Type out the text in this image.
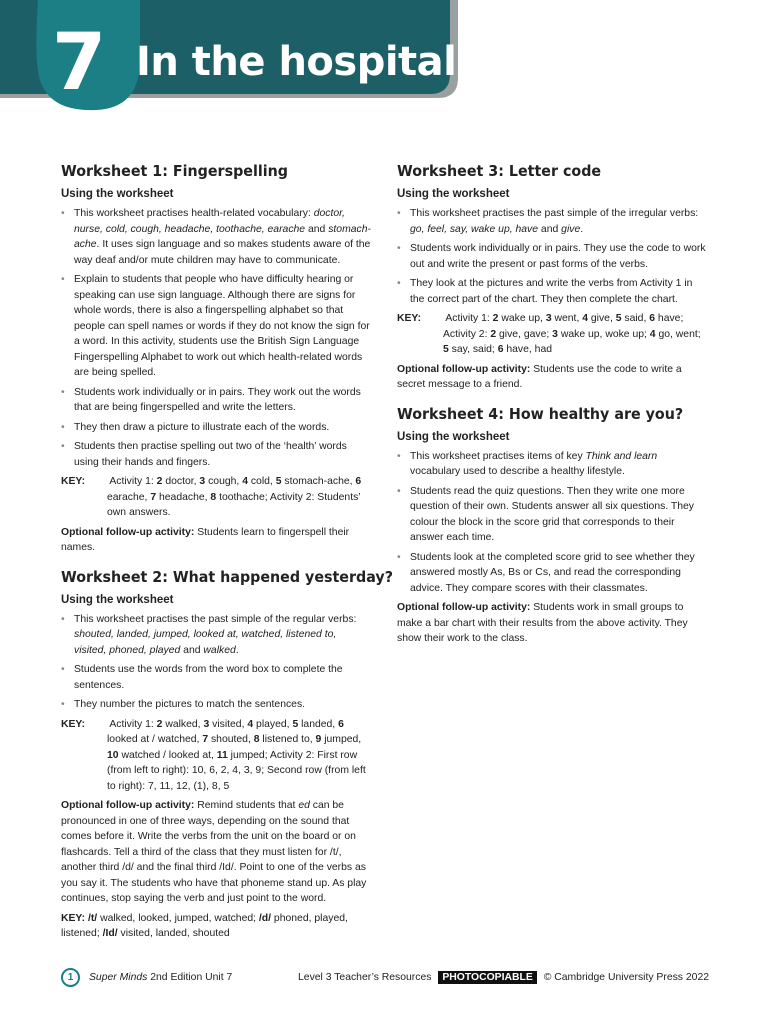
7 In the hospital
Worksheet 1: Fingerspelling
Using the worksheet
• This worksheet practises health-related vocabulary: doctor, nurse, cold, cough, headache, toothache, earache and stomach-ache. It uses sign language and so makes students aware of the way deaf and/or mute children may have to communicate.
• Explain to students that people who have difficulty hearing or speaking can use sign language. Although there are signs for whole words, there is also a fingerspelling alphabet so that people can spell names or words if they do not know the sign for a word. In this activity, students use the British Sign Language Fingerspelling Alphabet to work out which health-related words are being spelled.
• Students work individually or in pairs. They work out the words that are being fingerspelled and write the letters.
• They then draw a picture to illustrate each of the words.
• Students then practise spelling out two of the ‘health’ words using their hands and fingers.

KEY: Activity 1: 2 doctor, 3 cough, 4 cold, 5 stomach-ache, 6 earache, 7 headache, 8 toothache; Activity 2: Students’ own answers.

Optional follow-up activity: Students learn to fingerspell their names.

Worksheet 2: What happened yesterday?
Using the worksheet
• This worksheet practises the past simple of the regular verbs: shouted, landed, jumped, looked at, watched, listened to, visited, phoned, played and walked.
• Students use the words from the word box to complete the sentences.
• They number the pictures to match the sentences.

KEY: Activity 1: 2 walked, 3 visited, 4 played, 5 landed, 6 looked at / watched, 7 shouted, 8 listened to, 9 jumped, 10 watched / looked at, 11 jumped; Activity 2: First row (from left to right): 10, 6, 2, 4, 3, 9; Second row (from left to right): 7, 11, 12, (1), 8, 5

Optional follow-up activity: Remind students that ed can be pronounced in one of three ways, depending on the sound that comes before it. Write the verbs from the unit on the board or on flashcards. Tell a third of the class that they must listen for /t/, another third /d/ and the final third /Id/. Point to one of the verbs as you say it. The students who have that phoneme stand up. As play continues, stop saying the verb and just point to the word.

KEY: /t/ walked, looked, jumped, watched; /d/ phoned, played, listened; /Id/ visited, landed, shouted

Worksheet 3: Letter code
Using the worksheet
• This worksheet practises the past simple of the irregular verbs: go, feel, say, wake up, have and give.
• Students work individually or in pairs. They use the code to work out and write the present or past forms of the verbs.
• They look at the pictures and write the verbs from Activity 1 in the correct part of the chart. They then complete the chart.

KEY: Activity 1: 2 wake up, 3 went, 4 give, 5 said, 6 have; Activity 2: 2 give, gave; 3 wake up, woke up; 4 go, went; 5 say, said; 6 have, had

Optional follow-up activity: Students use the code to write a secret message to a friend.

Worksheet 4: How healthy are you?
Using the worksheet
• This worksheet practises items of key Think and learn vocabulary used to describe a healthy lifestyle.
• Students read the quiz questions. Then they write one more question of their own. Students answer all six questions. They colour the block in the score grid that corresponds to their answer each time.
• Students look at the completed score grid to see whether they answered mostly As, Bs or Cs, and read the corresponding advice. They compare scores with their classmates.

Optional follow-up activity: Students work in small groups to make a bar chart with their results from the above activity. They show their work to the class.

1	Super Minds 2nd Edition Unit 7	Level 3 Teacher’s Resources PHOTOCOPIABLE © Cambridge University Press 2022
